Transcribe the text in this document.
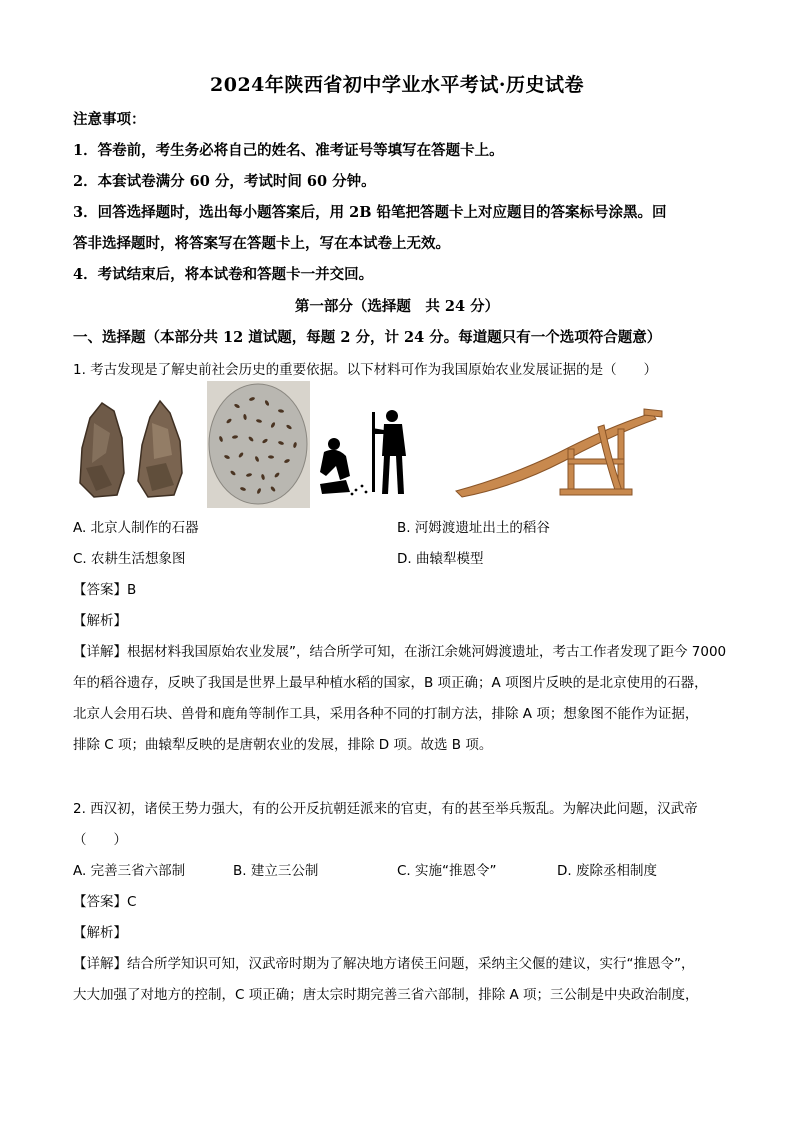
2024年陕西省初中学业水平考试·历史试卷
注意事项：
1．答卷前，考生务必将自己的姓名、准考证号等填写在答题卡上。
2．本套试卷满分 60 分，考试时间 60 分钟。
3．回答选择题时，选出每小题答案后，用 2B 铅笔把答题卡上对应题目的答案标号涂黑。回
答非选择题时，将答案写在答题卡上，写在本试卷上无效。
4．考试结束后，将本试卷和答题卡一并交回。
第一部分（选择题　共 24 分）
一、选择题（本部分共 12 道试题，每题 2 分，计 24 分。每道题只有一个选项符合题意）
1. 考古发现是了解史前社会历史的重要依据。以下材料可作为我国原始农业发展证据的是（　　）
A. 北京人制作的石器	B. 河姆渡遗址出土的稻谷
C. 农耕生活想象图	D. 曲辕犁模型
【答案】B
【解析】
【详解】根据材料我国原始农业发展”，结合所学可知，在浙江余姚河姆渡遗址，考古工作者发现了距今 7000
年的稻谷遗存，反映了我国是世界上最早种植水稻的国家，B 项正确；A 项图片反映的是北京使用的石器，
北京人会用石块、兽骨和鹿角等制作工具，采用各种不同的打制方法，排除 A 项；想象图不能作为证据，
排除 C 项；曲辕犁反映的是唐朝农业的发展，排除 D 项。故选 B 项。
2. 西汉初，诸侯王势力强大，有的公开反抗朝廷派来的官吏，有的甚至举兵叛乱。为解决此问题，汉武帝
（　　）
A. 完善三省六部制	B. 建立三公制	C. 实施“推恩令”	D. 废除丞相制度
【答案】C
【解析】
【详解】结合所学知识可知，汉武帝时期为了解决地方诸侯王问题，采纳主父偃的建议，实行“推恩令”，
大大加强了对地方的控制，C 项正确；唐太宗时期完善三省六部制，排除 A 项；三公制是中央政治制度，
